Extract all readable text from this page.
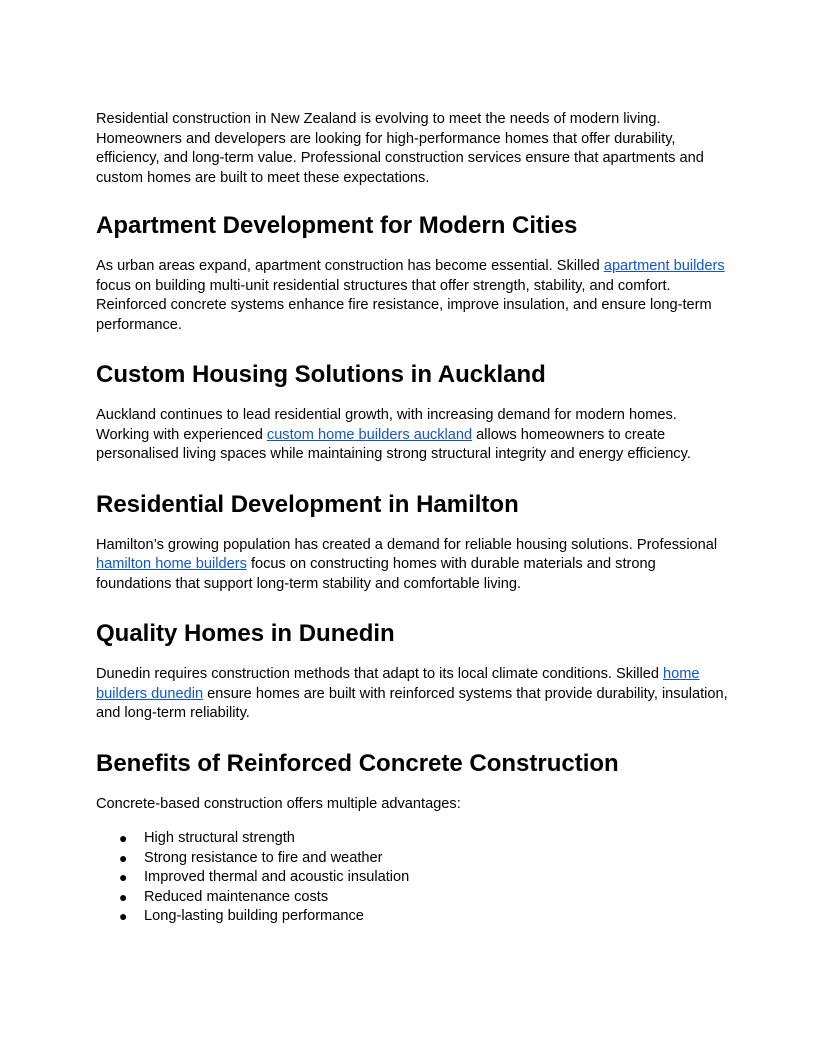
Residential construction in New Zealand is evolving to meet the needs of modern living. Homeowners and developers are looking for high-performance homes that offer durability, efficiency, and long-term value. Professional construction services ensure that apartments and custom homes are built to meet these expectations.

Apartment Development for Modern Cities

As urban areas expand, apartment construction has become essential. Skilled apartment builders focus on building multi-unit residential structures that offer strength, stability, and comfort. Reinforced concrete systems enhance fire resistance, improve insulation, and ensure long-term performance.

Custom Housing Solutions in Auckland

Auckland continues to lead residential growth, with increasing demand for modern homes. Working with experienced custom home builders auckland allows homeowners to create personalised living spaces while maintaining strong structural integrity and energy efficiency.

Residential Development in Hamilton

Hamilton’s growing population has created a demand for reliable housing solutions. Professional hamilton home builders focus on constructing homes with durable materials and strong foundations that support long-term stability and comfortable living.

Quality Homes in Dunedin

Dunedin requires construction methods that adapt to its local climate conditions. Skilled home builders dunedin ensure homes are built with reinforced systems that provide durability, insulation, and long-term reliability.

Benefits of Reinforced Concrete Construction

Concrete-based construction offers multiple advantages:

● High structural strength
● Strong resistance to fire and weather
● Improved thermal and acoustic insulation
● Reduced maintenance costs
● Long-lasting building performance
